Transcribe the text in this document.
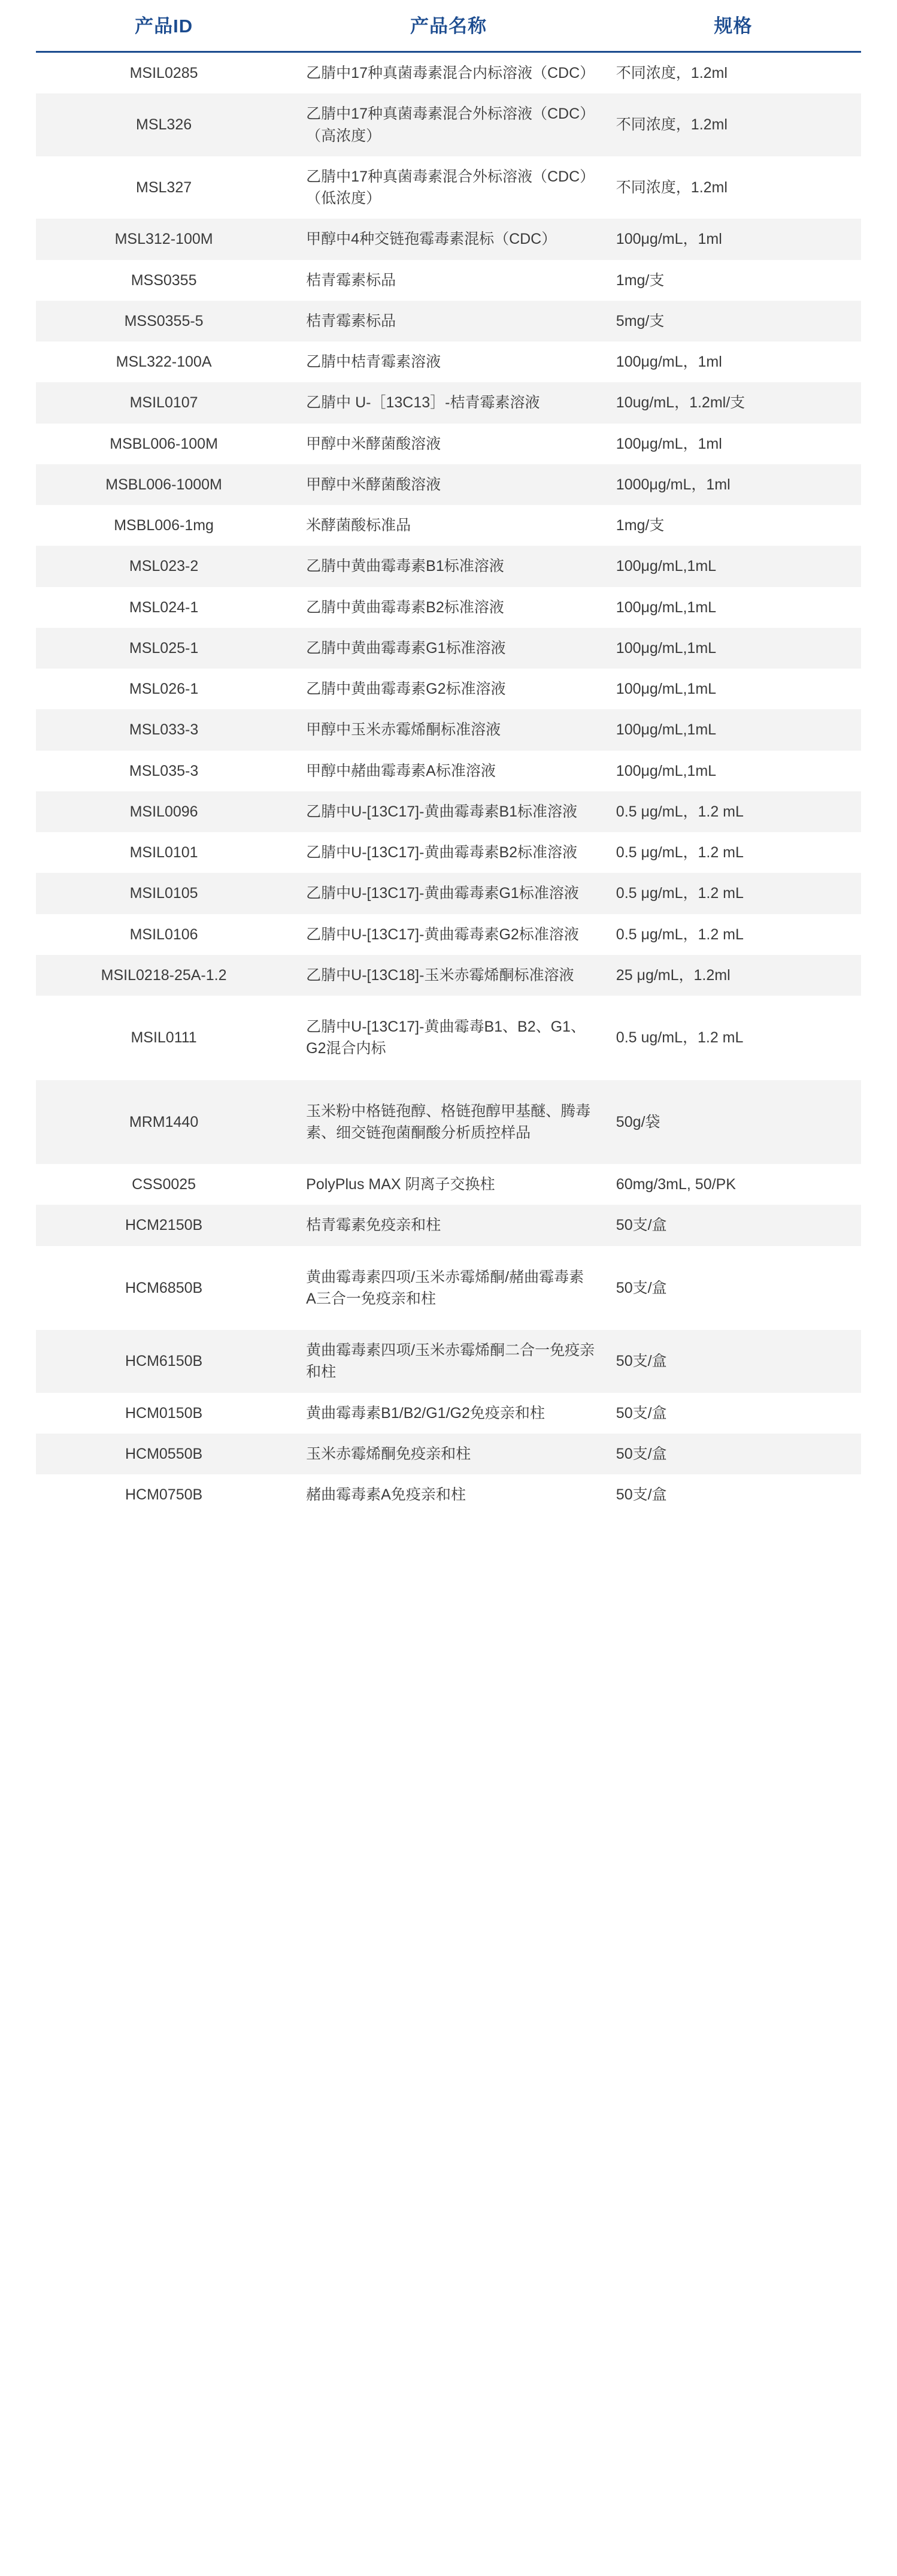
产品ID	产品名称	规格
MSIL0285	乙腈中17种真菌毒素混合内标溶液（CDC）	不同浓度，1.2ml
MSL326	乙腈中17种真菌毒素混合外标溶液（CDC）（高浓度）	不同浓度，1.2ml
MSL327	乙腈中17种真菌毒素混合外标溶液（CDC）（低浓度）	不同浓度，1.2ml
MSL312-100M	甲醇中4种交链孢霉毒素混标（CDC）	100μg/mL，1ml
MSS0355	桔青霉素标品	1mg/支
MSS0355-5	桔青霉素标品	5mg/支
MSL322-100A	乙腈中桔青霉素溶液	100μg/mL，1ml
MSIL0107	乙腈中 U-［13C13］-桔青霉素溶液	10ug/mL，1.2ml/支
MSBL006-100M	甲醇中米酵菌酸溶液	100μg/mL，1ml
MSBL006-1000M	甲醇中米酵菌酸溶液	1000μg/mL，1ml
MSBL006-1mg	米酵菌酸标准品	1mg/支
MSL023-2	乙腈中黄曲霉毒素B1标准溶液	100μg/mL,1mL
MSL024-1	乙腈中黄曲霉毒素B2标准溶液	100μg/mL,1mL
MSL025-1	乙腈中黄曲霉毒素G1标准溶液	100μg/mL,1mL
MSL026-1	乙腈中黄曲霉毒素G2标准溶液	100μg/mL,1mL
MSL033-3	甲醇中玉米赤霉烯酮标准溶液	100μg/mL,1mL
MSL035-3	甲醇中赭曲霉毒素A标准溶液	100μg/mL,1mL
MSIL0096	乙腈中U-[13C17]-黄曲霉毒素B1标准溶液	0.5 μg/mL，1.2 mL
MSIL0101	乙腈中U-[13C17]-黄曲霉毒素B2标准溶液	0.5 μg/mL，1.2 mL
MSIL0105	乙腈中U-[13C17]-黄曲霉毒素G1标准溶液	0.5 μg/mL，1.2 mL
MSIL0106	乙腈中U-[13C17]-黄曲霉毒素G2标准溶液	0.5 μg/mL，1.2 mL
MSIL0218-25A-1.2	乙腈中U-[13C18]-玉米赤霉烯酮标准溶液	25 μg/mL，1.2ml
MSIL0111	乙腈中U-[13C17]-黄曲霉毒B1、B2、G1、G2混合内标	0.5 ug/mL，1.2 mL
MRM1440	玉米粉中格链孢醇、格链孢醇甲基醚、腾毒素、细交链孢菌酮酸分析质控样品	50g/袋
CSS0025	PolyPlus MAX 阴离子交换柱	60mg/3mL, 50/PK
HCM2150B	桔青霉素免疫亲和柱	50支/盒
HCM6850B	黄曲霉毒素四项/玉米赤霉烯酮/赭曲霉毒素 A三合一免疫亲和柱	50支/盒
HCM6150B	黄曲霉毒素四项/玉米赤霉烯酮二合一免疫亲和柱	50支/盒
HCM0150B	黄曲霉毒素B1/B2/G1/G2免疫亲和柱	50支/盒
HCM0550B	玉米赤霉烯酮免疫亲和柱	50支/盒
HCM0750B	赭曲霉毒素A免疫亲和柱	50支/盒
